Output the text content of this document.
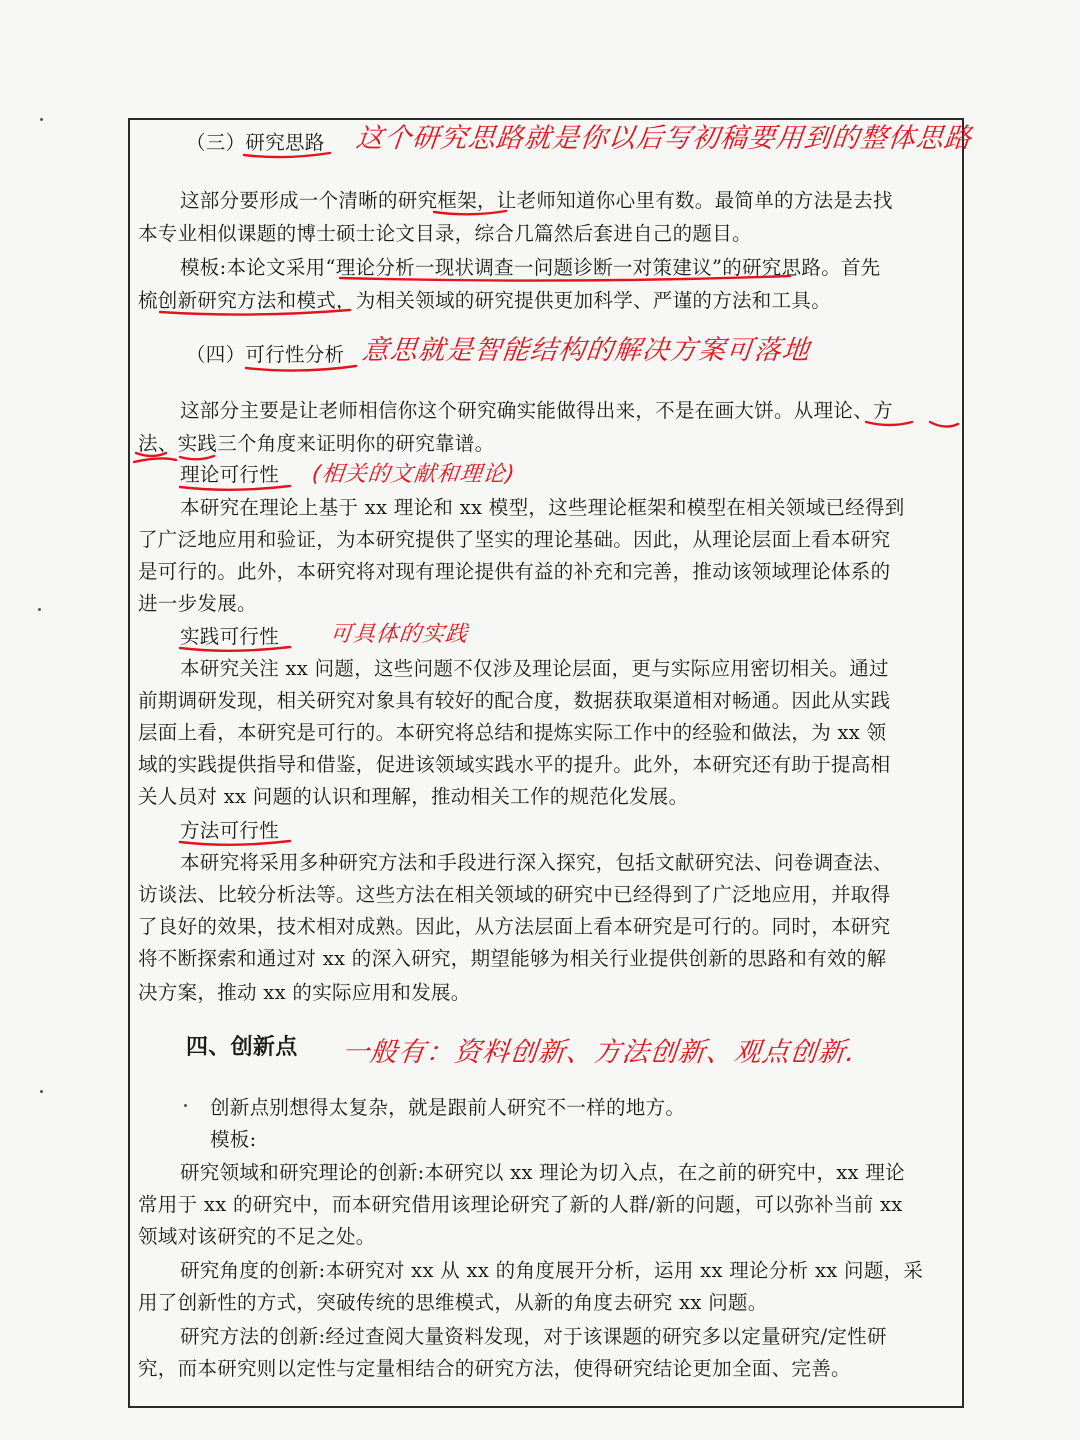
（三）研究思路 这个研究思路就是你以后写初稿要用到的整体思路
这部分要形成一个清晰的研究框架，让老师知道你心里有数。最简单的方法是去找
本专业相似课题的博士硕士论文目录，综合几篇然后套进自己的题目。
模板:本论文采用“理论分析一现状调查一问题诊断一对策建议”的研究思路。首先
梳创新研究方法和模式，为相关领域的研究提供更加科学、严谨的方法和工具。
（四）可行性分析 意思就是智能结构的解决方案可落地
这部分主要是让老师相信你这个研究确实能做得出来，不是在画大饼。从理论、方
法、实践三个角度来证明你的研究靠谱。
理论可行性 (相关的文献和理论)
本研究在理论上基于 xx 理论和 xx 模型，这些理论框架和模型在相关领域已经得到
了广泛地应用和验证，为本研究提供了坚实的理论基础。因此，从理论层面上看本研究
是可行的。此外，本研究将对现有理论提供有益的补充和完善，推动该领域理论体系的
进一步发展。
实践可行性 可具体的实践
本研究关注 xx 问题，这些问题不仅涉及理论层面，更与实际应用密切相关。通过
前期调研发现，相关研究对象具有较好的配合度，数据获取渠道相对畅通。因此从实践
层面上看，本研究是可行的。本研究将总结和提炼实际工作中的经验和做法，为 xx 领
域的实践提供指导和借鉴，促进该领域实践水平的提升。此外，本研究还有助于提高相
关人员对 xx 问题的认识和理解，推动相关工作的规范化发展。
方法可行性
本研究将采用多种研究方法和手段进行深入探究，包括文献研究法、问卷调查法、
访谈法、比较分析法等。这些方法在相关领域的研究中已经得到了广泛地应用，并取得
了良好的效果，技术相对成熟。因此，从方法层面上看本研究是可行的。同时，本研究
将不断探索和通过对 xx 的深入研究，期望能够为相关行业提供创新的思路和有效的解
决方案，推动 xx 的实际应用和发展。
四、创新点 一般有：资料创新、方法创新、观点创新.
创新点别想得太复杂，就是跟前人研究不一样的地方。
模板:
研究领域和研究理论的创新:本研究以 xx 理论为切入点，在之前的研究中，xx 理论
常用于 xx 的研究中，而本研究借用该理论研究了新的人群/新的问题，可以弥补当前 xx
领域对该研究的不足之处。
研究角度的创新:本研究对 xx 从 xx 的角度展开分析，运用 xx 理论分析 xx 问题，采
用了创新性的方式，突破传统的思维模式，从新的角度去研究 xx 问题。
研究方法的创新:经过查阅大量资料发现，对于该课题的研究多以定量研究/定性研
究，而本研究则以定性与定量相结合的研究方法，使得研究结论更加全面、完善。
